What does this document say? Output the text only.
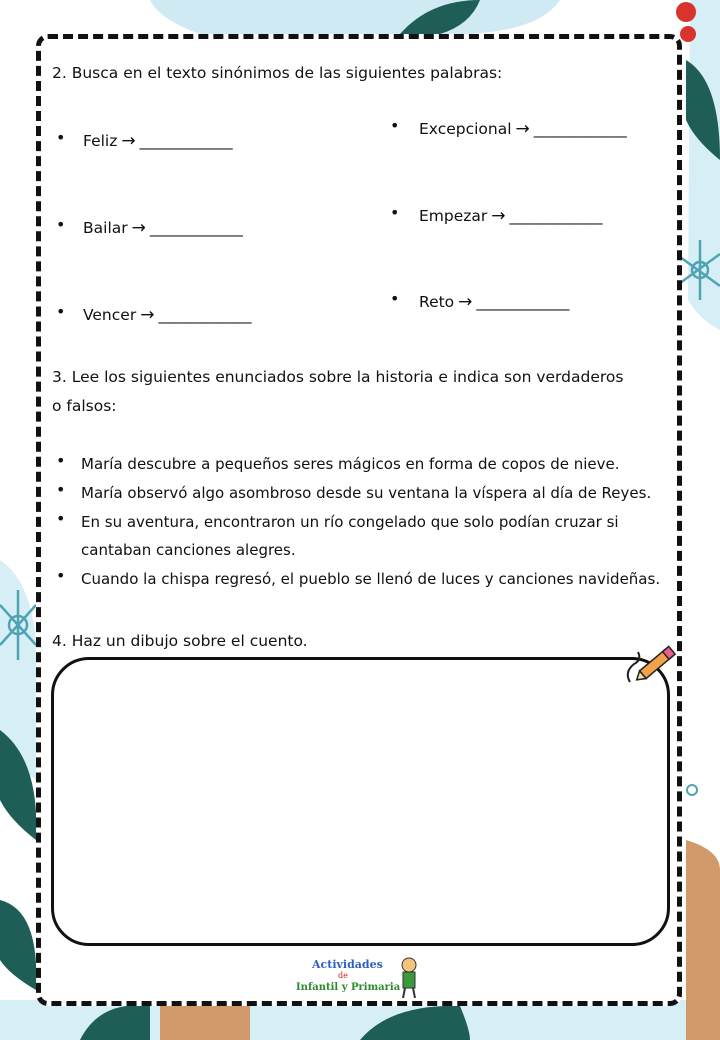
2. Busca en el texto sinónimos de las siguientes palabras:
• Feliz → ____________
• Bailar → ____________
• Vencer → ____________
• Excepcional → ____________
• Empezar → ____________
• Reto → ____________
3. Lee los siguientes enunciados sobre la historia e indica son verdaderos
o falsos:
• María descubre a pequeños seres mágicos en forma de copos de nieve.
• María observó algo asombroso desde su ventana la víspera al día de Reyes.
• En su aventura, encontraron un río congelado que solo podían cruzar si
cantaban canciones alegres.
• Cuando la chispa regresó, el pueblo se llenó de luces y canciones navideñas.
4. Haz un dibujo sobre el cuento.
Actividades
de
Infantil y Primaria
